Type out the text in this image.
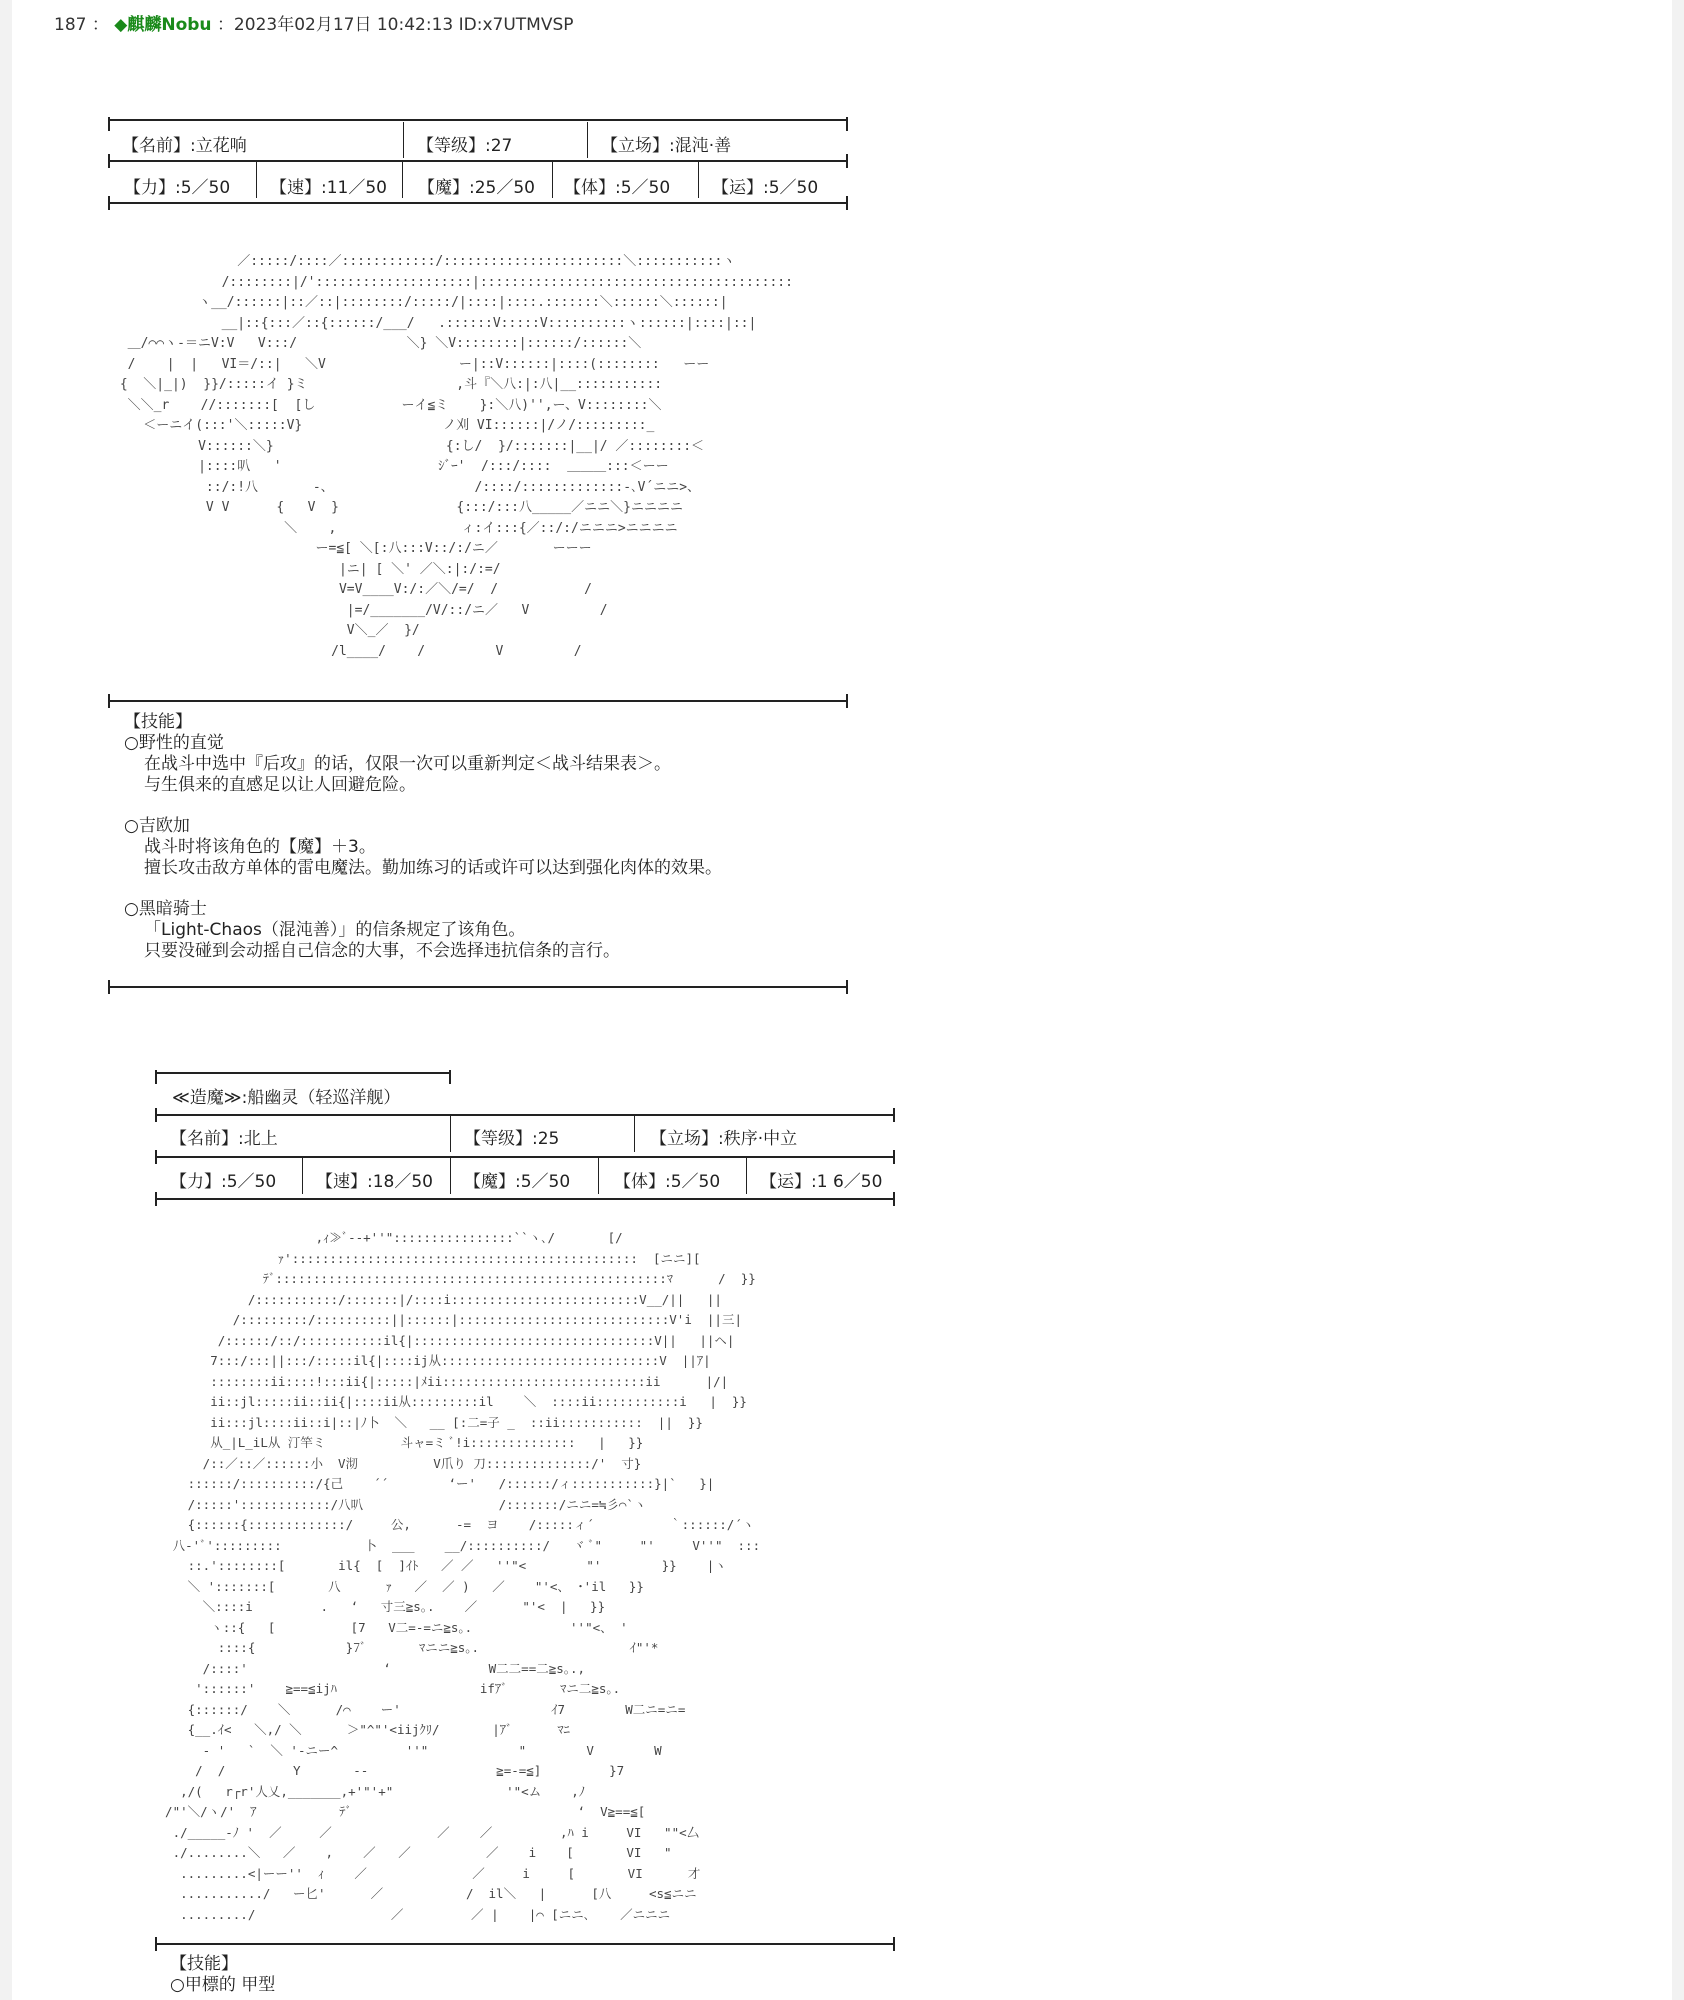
187 ： ◆麒麟Nobu ：2023年02月17日 10:42:13 ID:x7UTMVSP
【名前】:立花响	【等级】:27	【立场】:混沌·善
【力】:5／50 【速】:11／50 【魔】:25／50 【体】:5／50 【运】:5／50
／:::::/::::／::::::::::::/:::::::::::::::::::::::＼:::::::::::ヽ
/::::::::|/'::::::::::::::::::::|::::::::::::::::::::::::::::::::::::::::
ヽ__/::::::|::／::|::::::::/:::::/|::::|::::.:::::::＼::::::＼::::::|
__|::{:::／::{::::::/___/   .::::::V:::::V::::::::::ヽ::::::|::::|::|
＿/⌒⌒ヽ-＝ニV:V   V:::/              ＼} ＼V::::::::|::::::/::::::＼
/    |  |   VI＝/::|   ＼V                 ー|::V::::::|::::(::::::::   ーー
{  ＼|_|)  }}/:::::イ }ミ                   ,斗『＼八:|:八|__:::::::::::
＼＼_r    //:::::::[  [し           ーイ≦ミ    }:＼八)'',ー、V::::::::＼
＜ーニイ(:::'＼:::::V}                  ノ刈 VI::::::|/ノ/:::::::::_
V::::::＼}                      {:し/  }/:::::::|__|/ ／::::::::＜
|::::叭   '                    ｼﾞｰ'  /:::/::::  ＿＿＿:::＜ーー
::/:!八       -、                  /::::/:::::::::::::-､V´ニニ>、
V V      {   V  }               {:::/:::八_____／ニニ＼}ニニニニ
＼    ,                ィ:イ:::{／::/:/ニニニ>ニニニニ
ー=≦[ ＼[:八:::V::/:/ニ／       ーーー
|ニ| [ ＼' ／＼:|:/:=/
V=V____V:/:／＼/=/  /           /
|=/_______/V/::/ニ／   V         /
V＼_／  }/
/l____/    /         V         /
【技能】
○野性的直觉
在战斗中选中『后攻』的话，仅限一次可以重新判定＜战斗结果表＞。
与生俱来的直感足以让人回避危险。
○吉欧加
战斗时将该角色的【魔】＋3。
擅长攻击敌方单体的雷电魔法。勤加练习的话或许可以达到强化肉体的效果。
○黑暗骑士
「Light-Chaos（混沌善）」的信条规定了该角色。
只要没碰到会动摇自己信念的大事，不会选择违抗信条的言行。
≪造魔≫:船幽灵（轻巡洋舰）
【名前】:北上	【等级】:25	【立场】:秩序·中立
【力】:5／50 【速】:18／50 【魔】:5／50	【体】:5／50 【运】:1 6／50
,ｨ≫ﾞ--+''"::::::::::::::::``ヽ､/       [/
ｧ'::::::::::::::::::::::::::::::::::::::::::::::  [ニニ][
ﾃﾞ::::::::::::::::::::::::::::::::::::::::::::::::::::ﾏ      /  }}
/:::::::::::/:::::::|/::::i:::::::::::::::::::::::::V__/||   ||
/:::::::::/::::::::::||::::::|::::::::::::::::::::::::::::V'i  ||三|
/::::::/::/:::::::::::il{|::::::::::::::::::::::::::::::::V||   ||ヘ|
7:::/:::||:::/:::::il{|::::ij从:::::::::::::::::::::::::::::V  ||ｱ|
::::::::ii::::!:::ii{|:::::|ﾒii:::::::::::::::::::::::::::ii      |/|
ii::jl:::::ii::ii{|::::ii从:::::::::il    ＼  ::::ii:::::::::::i   |  }}
ii:::jl::::ii::i|::|ﾉ卜  ＼   __ [:二=子 _  ::ii:::::::::::  ||  }}
从_|L_iL从 汀竿ミ          斗ャ=ミ ﾞ!i::::::::::::::   |   }}
/::／::／::::::小  V沏          V爪り 刀::::::::::::::/'  寸}
::::::/::::::::::/{己    ´´        ‘ー'   /::::::/ィ:::::::::::}|`   }|
/:::::'::::::::::::/八叭                  /:::::::/ニニ=≒彡⌒`ヽ
{::::::{:::::::::::::/     公,      -=  ヨ    /:::::ィ´          ｀::::::/´ヽ
八-'ﾞ':::::::::           卜  ___    __/::::::::::/   ヾ ﾞ"     "'     V''"  :::
::.'::::::::[       il{  [  ]ｲﾄ   ／ ／   ''"<        "'        }}    |ヽ
＼ ':::::::[       八      ｧ   ／  ／ )   ／    "'<、 ･'il   }}
＼::::i         .   ‘   寸三≧s｡.    ／      "'<  |   }}
ヽ::{   [          [7   V二=-=ニ≧s｡.             ''"<、 '
::::{            }7ﾞ       ﾏニニ≧s｡.                    ｲ"'*
/::::'                  ‘             W二二==二≧s｡.,
'::::::'    ≧==≦ijﾊ                   ifｱﾞ       ﾏニ二≧s｡.
{::::::/    ＼      /⌒    ー'                    ｲ7        W二ニ=ニ=
{__.ｲ<   ＼,/ ＼      ＞"^"'<iijｸﾘ/       |ｱﾞ      ﾏﾆ
‐ '   `  ＼ '-ニー^         ''"            "        V        W
/  /         Y       --                 ≧=-=≦]         }7
,/(   r┌r'人乂,_______,+'"'+"               '"<ム    ,ﾉ
/"'＼/ヽ/'  ｱ           ﾃﾞ                              ‘  V≧==≦[
./_____-ﾉ '  ／     ／              ／    ／         ,ﾊ i     VI   ""<厶
./........＼   ／    ,    ／   ／          ／    i    [       VI   "
.........<|ーー''  ｨ    ／              ／     i     [       VI      才
.........../   ー匕'      ／           /  il＼   |      [八     <s≦ニニ
........./                  ／         ／ |    |⌒ [ニニ､    ／ニニニ
【技能】
○甲標的 甲型
